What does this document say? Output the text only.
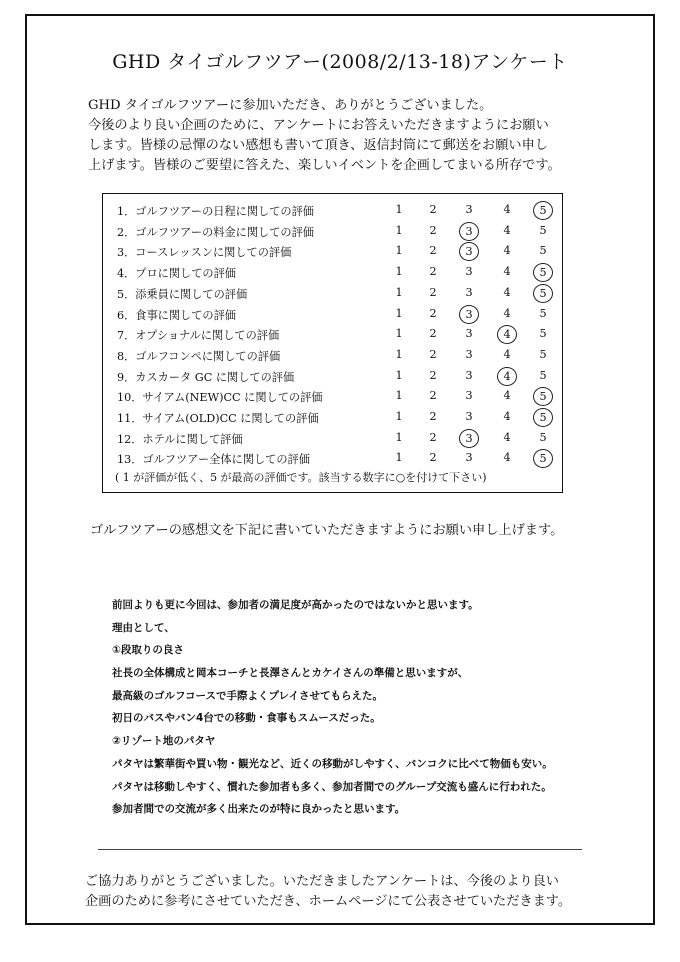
GHD タイゴルフツアー(2008/2/13-18)アンケート
GHD タイゴルフツアーに参加いただき、ありがとうございました。
今後のより良い企画のために、アンケートにお答えいただきますようにお願い
します。皆様の忌憚のない感想も書いて頂き、返信封筒にて郵送をお願い申し
上げます。皆様のご要望に答えた、楽しいイベントを企画してまいる所存です。
( 1 が評価が低く、5 が最高の評価です。該当する数字に○を付けて下さい)
1．ゴルフツアーの日程に関しての評価	1	2	3	4	5
2．ゴルフツアーの料金に関しての評価	1	2	3	4	5
3．コースレッスンに関しての評価	1	2	3	4	5
4．プロに関しての評価	1	2	3	4	5
5．添乗員に関しての評価	1	2	3	4	5
6．食事に関しての評価	1	2	3	4	5
7．オプショナルに関しての評価	1	2	3	4	5
8．ゴルフコンペに関しての評価	1	2	3	4	5
9．カスカータ GC に関しての評価	1	2	3	4	5
10．サイアム(NEW)CC に関しての評価	1	2	3	4	5
11．サイアム(OLD)CC に関しての評価	1	2	3	4	5
12．ホテルに関して評価	1	2	3	4	5
13．ゴルフツアー全体に関しての評価	1	2	3	4	5
ゴルフツアーの感想文を下記に書いていただきますようにお願い申し上げます。
前回よりも更に今回は、参加者の満足度が高かったのではないかと思います。
理由として、
①段取りの良さ
社長の全体構成と岡本コーチと長澤さんとカケイさんの準備と思いますが、
最高級のゴルフコースで手際よくプレイさせてもらえた。
初日のバスやバン4台での移動・食事もスムースだった。
②リゾート地のパタヤ
パタヤは繁華街や買い物・観光など、近くの移動がしやすく、バンコクに比べて物価も安い。
パタヤは移動しやすく、慣れた参加者も多く、参加者間でのグループ交流も盛んに行われた。
参加者間での交流が多く出来たのが特に良かったと思います。
ご協力ありがとうございました。いただきましたアンケートは、今後のより良い
企画のために参考にさせていただき、ホームページにて公表させていただきます。
